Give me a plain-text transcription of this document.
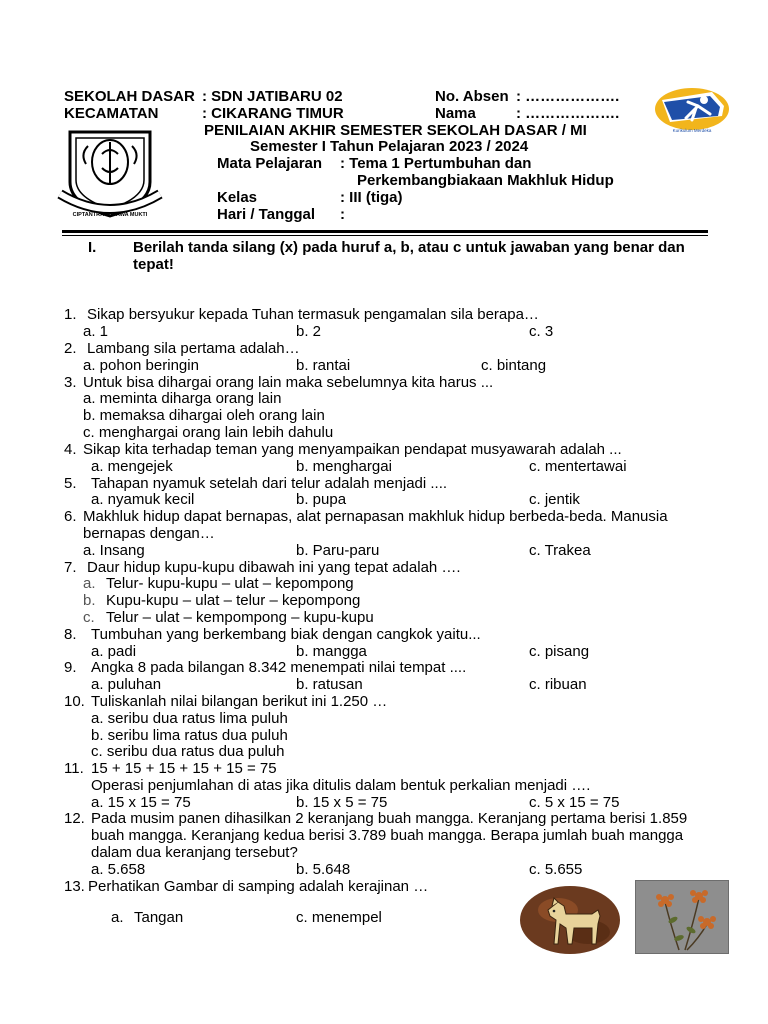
CIPTANTRA WIBAWA MUKTI
Kurikulum Merdeka
SEKOLAH DASAR : SDN JATIBARU 02	No. Absen : ……………….
KECAMATAN	: CIKARANG TIMUR	Nama	: ……………….
PENILAIAN AKHIR SEMESTER SEKOLAH DASAR / MI
Semester I Tahun Pelajaran 2023 / 2024
Mata Pelajaran : Tema 1 Pertumbuhan dan
Perkembangbiakaan Makhluk Hidup
Kelas	: III (tiga)
Hari / Tanggal :
I. Berilah tanda silang (x) pada huruf a, b, atau c untuk jawaban yang benar dan
tepat!
1. Sikap bersyukur kepada Tuhan termasuk pengamalan sila berapa…
a. 1	b. 2	c. 3
2. Lambang sila pertama adalah…
a. pohon beringin	b. rantai	c. bintang
3. Untuk bisa dihargai orang lain maka sebelumnya kita harus ...
a. meminta diharga orang lain
b. memaksa dihargai oleh orang lain
c. menghargai orang lain lebih dahulu
4. Sikap kita terhadap teman yang menyampaikan pendapat musyawarah adalah ...
a. mengejek	b. menghargai	c. mentertawai
5. Tahapan nyamuk setelah dari telur adalah menjadi ....
a. nyamuk kecil	b. pupa	c. jentik
6. Makhluk hidup dapat bernapas, alat pernapasan makhluk hidup berbeda-beda. Manusia
bernapas dengan…
a. Insang	b. Paru-paru	c. Trakea
7. Daur hidup kupu-kupu dibawah ini yang tepat adalah ….
a. Telur- kupu-kupu – ulat – kepompong
b. Kupu-kupu – ulat – telur – kepompong
c. Telur – ulat – kempompong – kupu-kupu
8. Tumbuhan yang berkembang biak dengan cangkok yaitu...
a. padi	b. mangga	c. pisang
9. Angka 8 pada bilangan 8.342 menempati nilai tempat ....
a. puluhan	b. ratusan	c. ribuan
10. Tuliskanlah nilai bilangan berikut ini 1.250 …
a. seribu dua ratus lima puluh
b. seribu lima ratus dua puluh
c. seribu dua ratus dua puluh
11. 15 + 15 + 15 + 15 + 15 = 75
Operasi penjumlahan di atas jika ditulis dalam bentuk perkalian menjadi ….
a. 15 x 15 = 75	b. 15 x 5 = 75	c. 5 x 15 = 75
12. Pada musim panen dihasilkan 2 keranjang buah mangga. Keranjang pertama berisi 1.859
buah mangga. Keranjang kedua berisi 3.789 buah mangga. Berapa jumlah buah mangga
dalam dua keranjang tersebut?
a. 5.658	b. 5.648	c. 5.655
13. Perhatikan Gambar di samping adalah kerajinan …
a. Tangan	c. menempel
